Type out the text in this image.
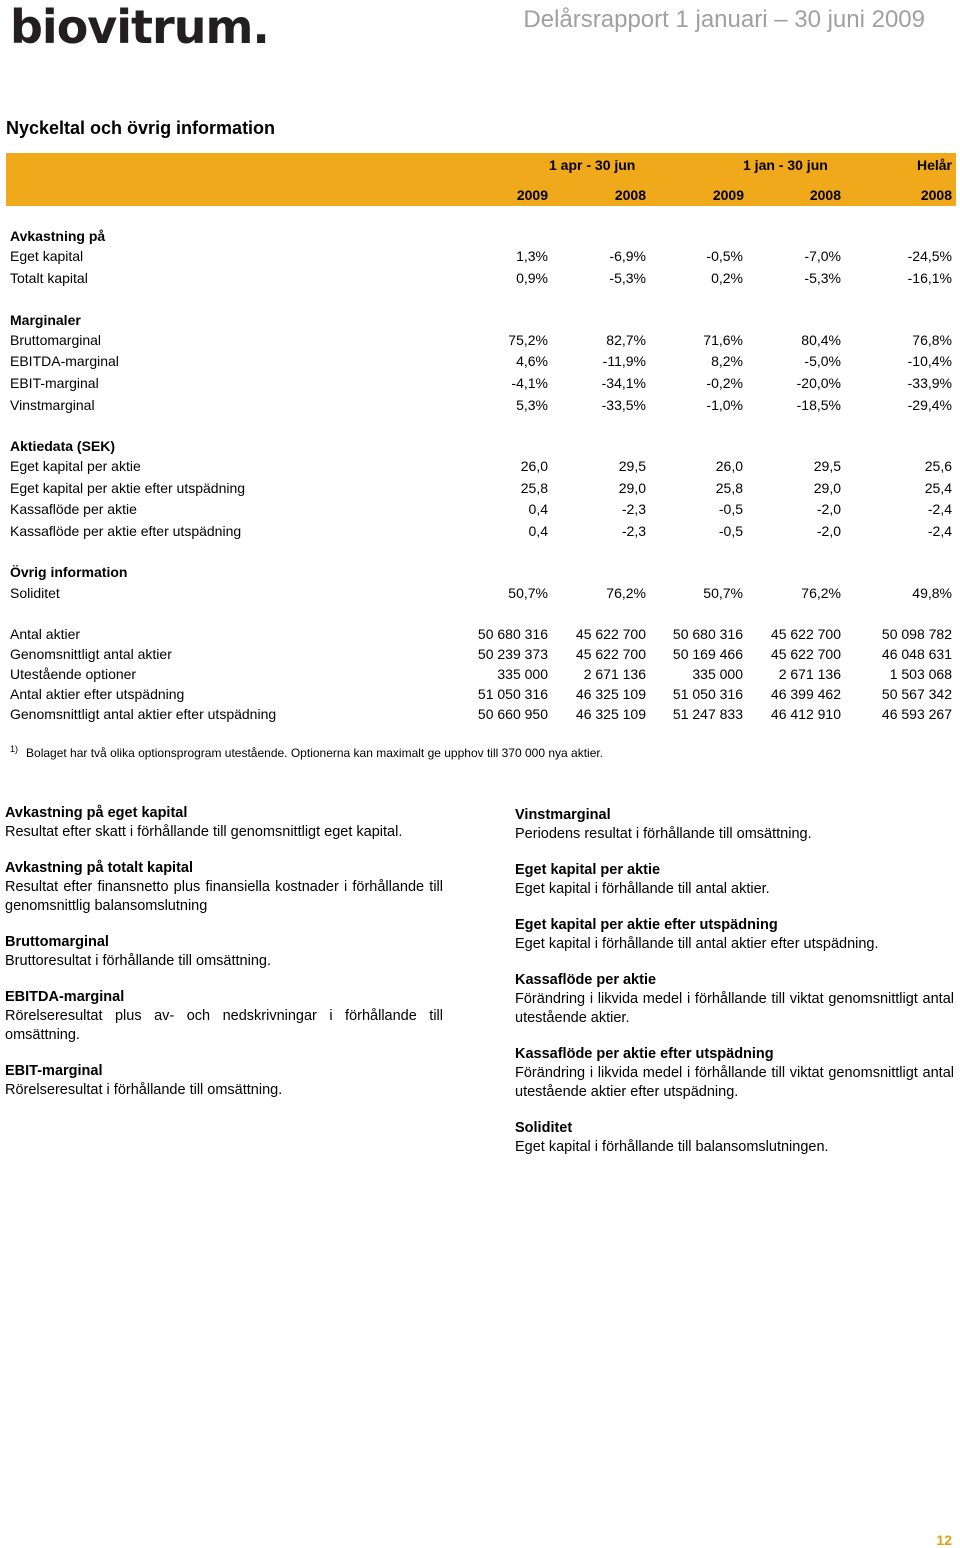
biovitrum.	Delårsrapport 1 januari – 30 juni 2009
Nyckeltal och övrig information
1 apr - 30 jun	1 jan - 30 jun	Helår
2009	2008	2009	2008	2008
Avkastning på
Eget kapital	1,3%	-6,9%	-0,5%	-7,0%	-24,5%
Totalt kapital	0,9%	-5,3%	0,2%	-5,3%	-16,1%
Marginaler
Bruttomarginal	75,2%	82,7%	71,6%	80,4%	76,8%
EBITDA-marginal	4,6%	-11,9%	8,2%	-5,0%	-10,4%
EBIT-marginal	-4,1%	-34,1%	-0,2%	-20,0%	-33,9%
Vinstmarginal	5,3%	-33,5%	-1,0%	-18,5%	-29,4%
Aktiedata (SEK)
Eget kapital per aktie	26,0	29,5	26,0	29,5	25,6
Eget kapital per aktie efter utspädning	25,8	29,0	25,8	29,0	25,4
Kassaflöde per aktie	0,4	-2,3	-0,5	-2,0	-2,4
Kassaflöde per aktie efter utspädning	0,4	-2,3	-0,5	-2,0	-2,4
Övrig information
Soliditet	50,7%	76,2%	50,7%	76,2%	49,8%
Antal aktier	50 680 316	45 622 700	50 680 316	45 622 700	50 098 782
Genomsnittligt antal aktier	50 239 373	45 622 700	50 169 466	45 622 700	46 048 631
Utestående optioner	335 000	2 671 136	335 000	2 671 136	1 503 068
Antal aktier efter utspädning	51 050 316	46 325 109	51 050 316	46 399 462	50 567 342
Genomsnittligt antal aktier efter utspädning	50 660 950	46 325 109	51 247 833	46 412 910	46 593 267
$^{1)}$ Bolaget har två olika optionsprogram utestående. Optionerna kan maximalt ge upphov till 370 000 nya aktier.
Avkastning på eget kapital
Resultat efter skatt i förhållande till genomsnittligt eget kapital.
Avkastning på totalt kapital
Resultat efter finansnetto plus finansiella kostnader i förhållande till genomsnittlig balansomslutning
Bruttomarginal
Bruttoresultat i förhållande till omsättning.
EBITDA-marginal
Rörelseresultat plus av- och nedskrivningar i förhållande till omsättning.
EBIT-marginal
Rörelseresultat i förhållande till omsättning.
Vinstmarginal
Periodens resultat i förhållande till omsättning.
Eget kapital per aktie
Eget kapital i förhållande till antal aktier.
Eget kapital per aktie efter utspädning
Eget kapital i förhållande till antal aktier efter utspädning.
Kassaflöde per aktie
Förändring i likvida medel i förhållande till viktat genomsnittligt antal utestående aktier.
Kassaflöde per aktie efter utspädning
Förändring i likvida medel i förhållande till viktat genomsnittligt antal utestående aktier efter utspädning.
Soliditet
Eget kapital i förhållande till balansomslutningen.
12
